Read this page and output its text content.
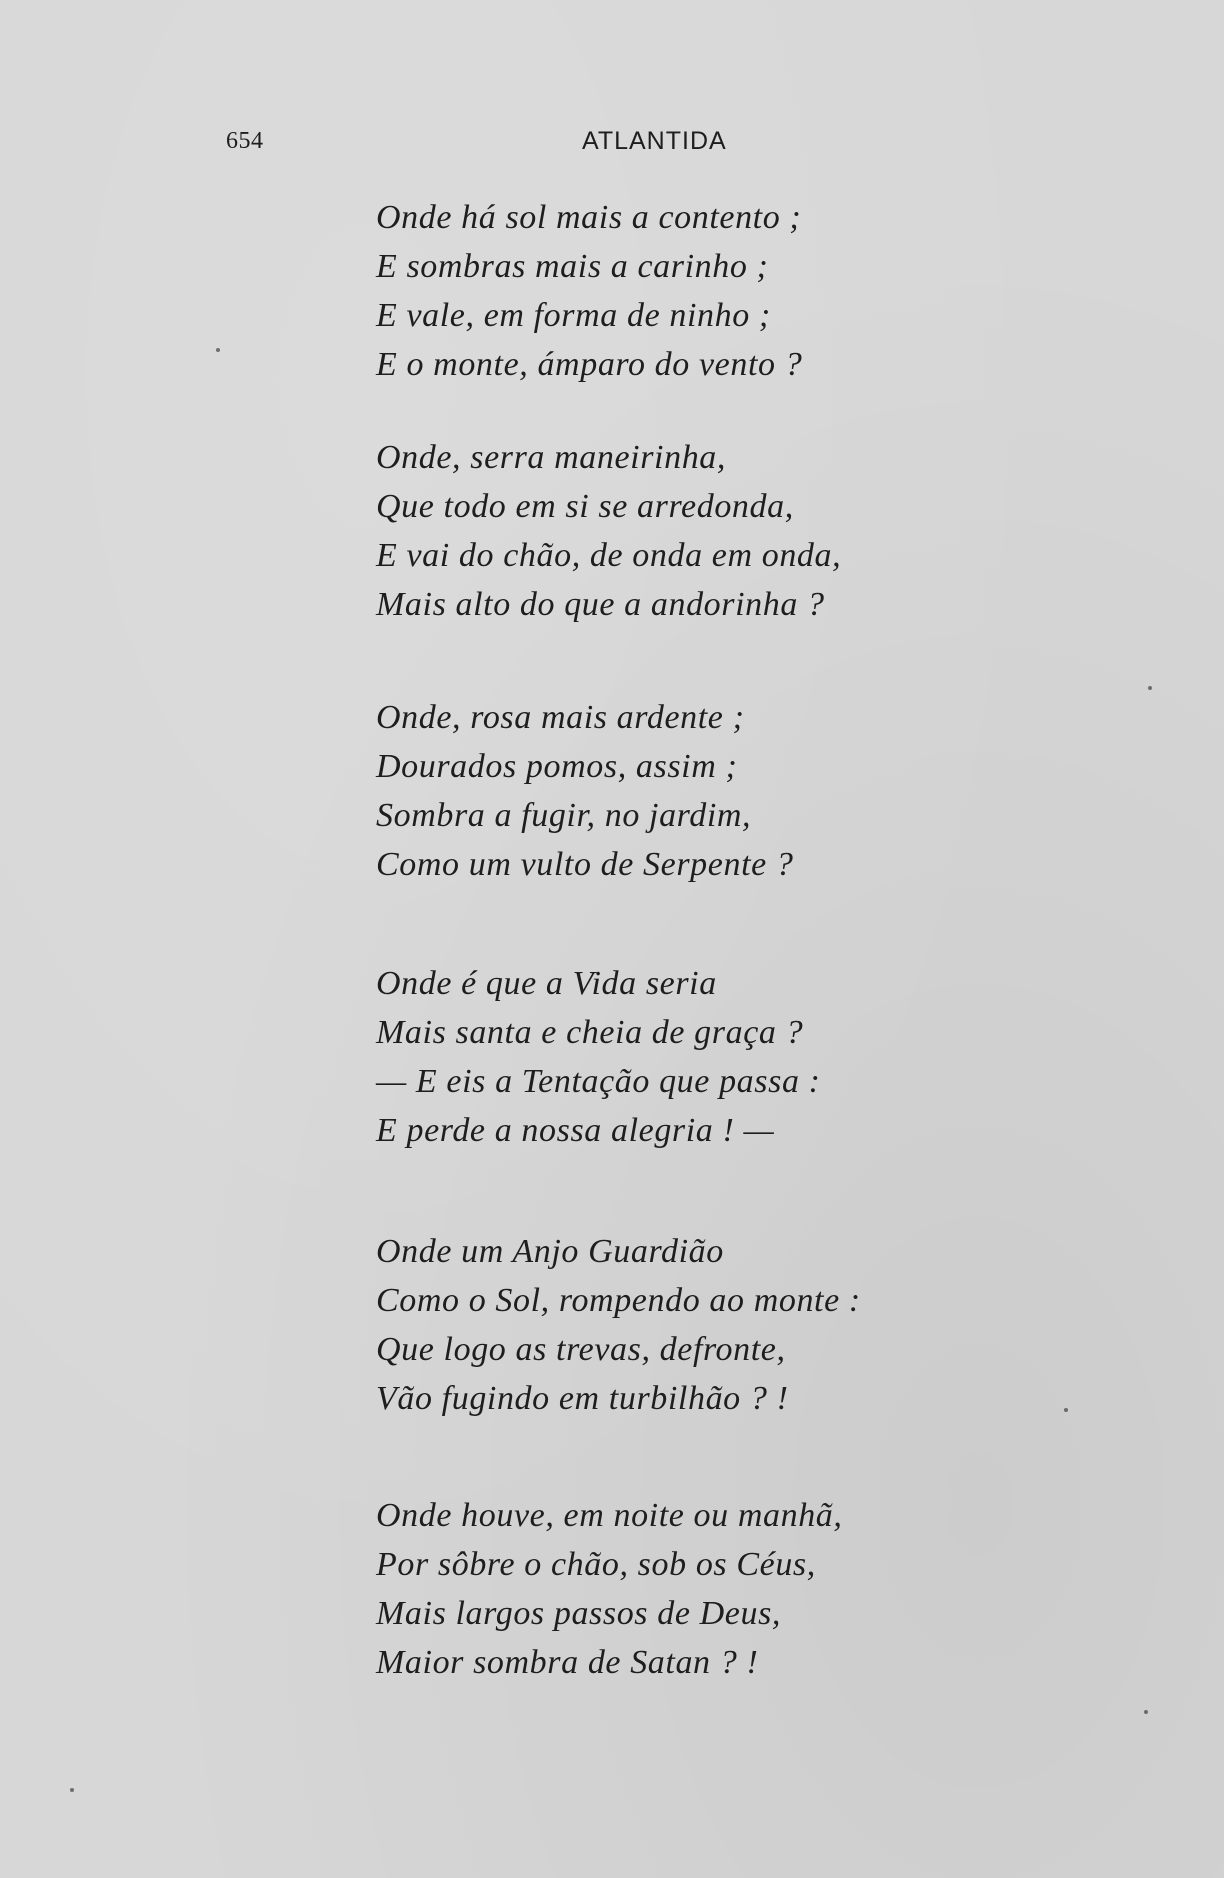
654	ATLANTIDA
Onde há sol mais a contento ;
E sombras mais a carinho ;
E vale, em forma de ninho ;
E o monte, ámparo do vento ?
Onde, serra maneirinha,
Que todo em si se arredonda,
E vai do chão, de onda em onda,
Mais alto do que a andorinha ?
Onde, rosa mais ardente ;
Dourados pomos, assim ;
Sombra a fugir, no jardim,
Como um vulto de Serpente ?
Onde é que a Vida seria
Mais santa e cheia de graça ?
— E eis a Tentação que passa :
E perde a nossa alegria ! —
Onde um Anjo Guardião
Como o Sol, rompendo ao monte :
Que logo as trevas, defronte,
Vão fugindo em turbilhão ? !
Onde houve, em noite ou manhã,
Por sôbre o chão, sob os Céus,
Mais largos passos de Deus,
Maior sombra de Satan ? !
